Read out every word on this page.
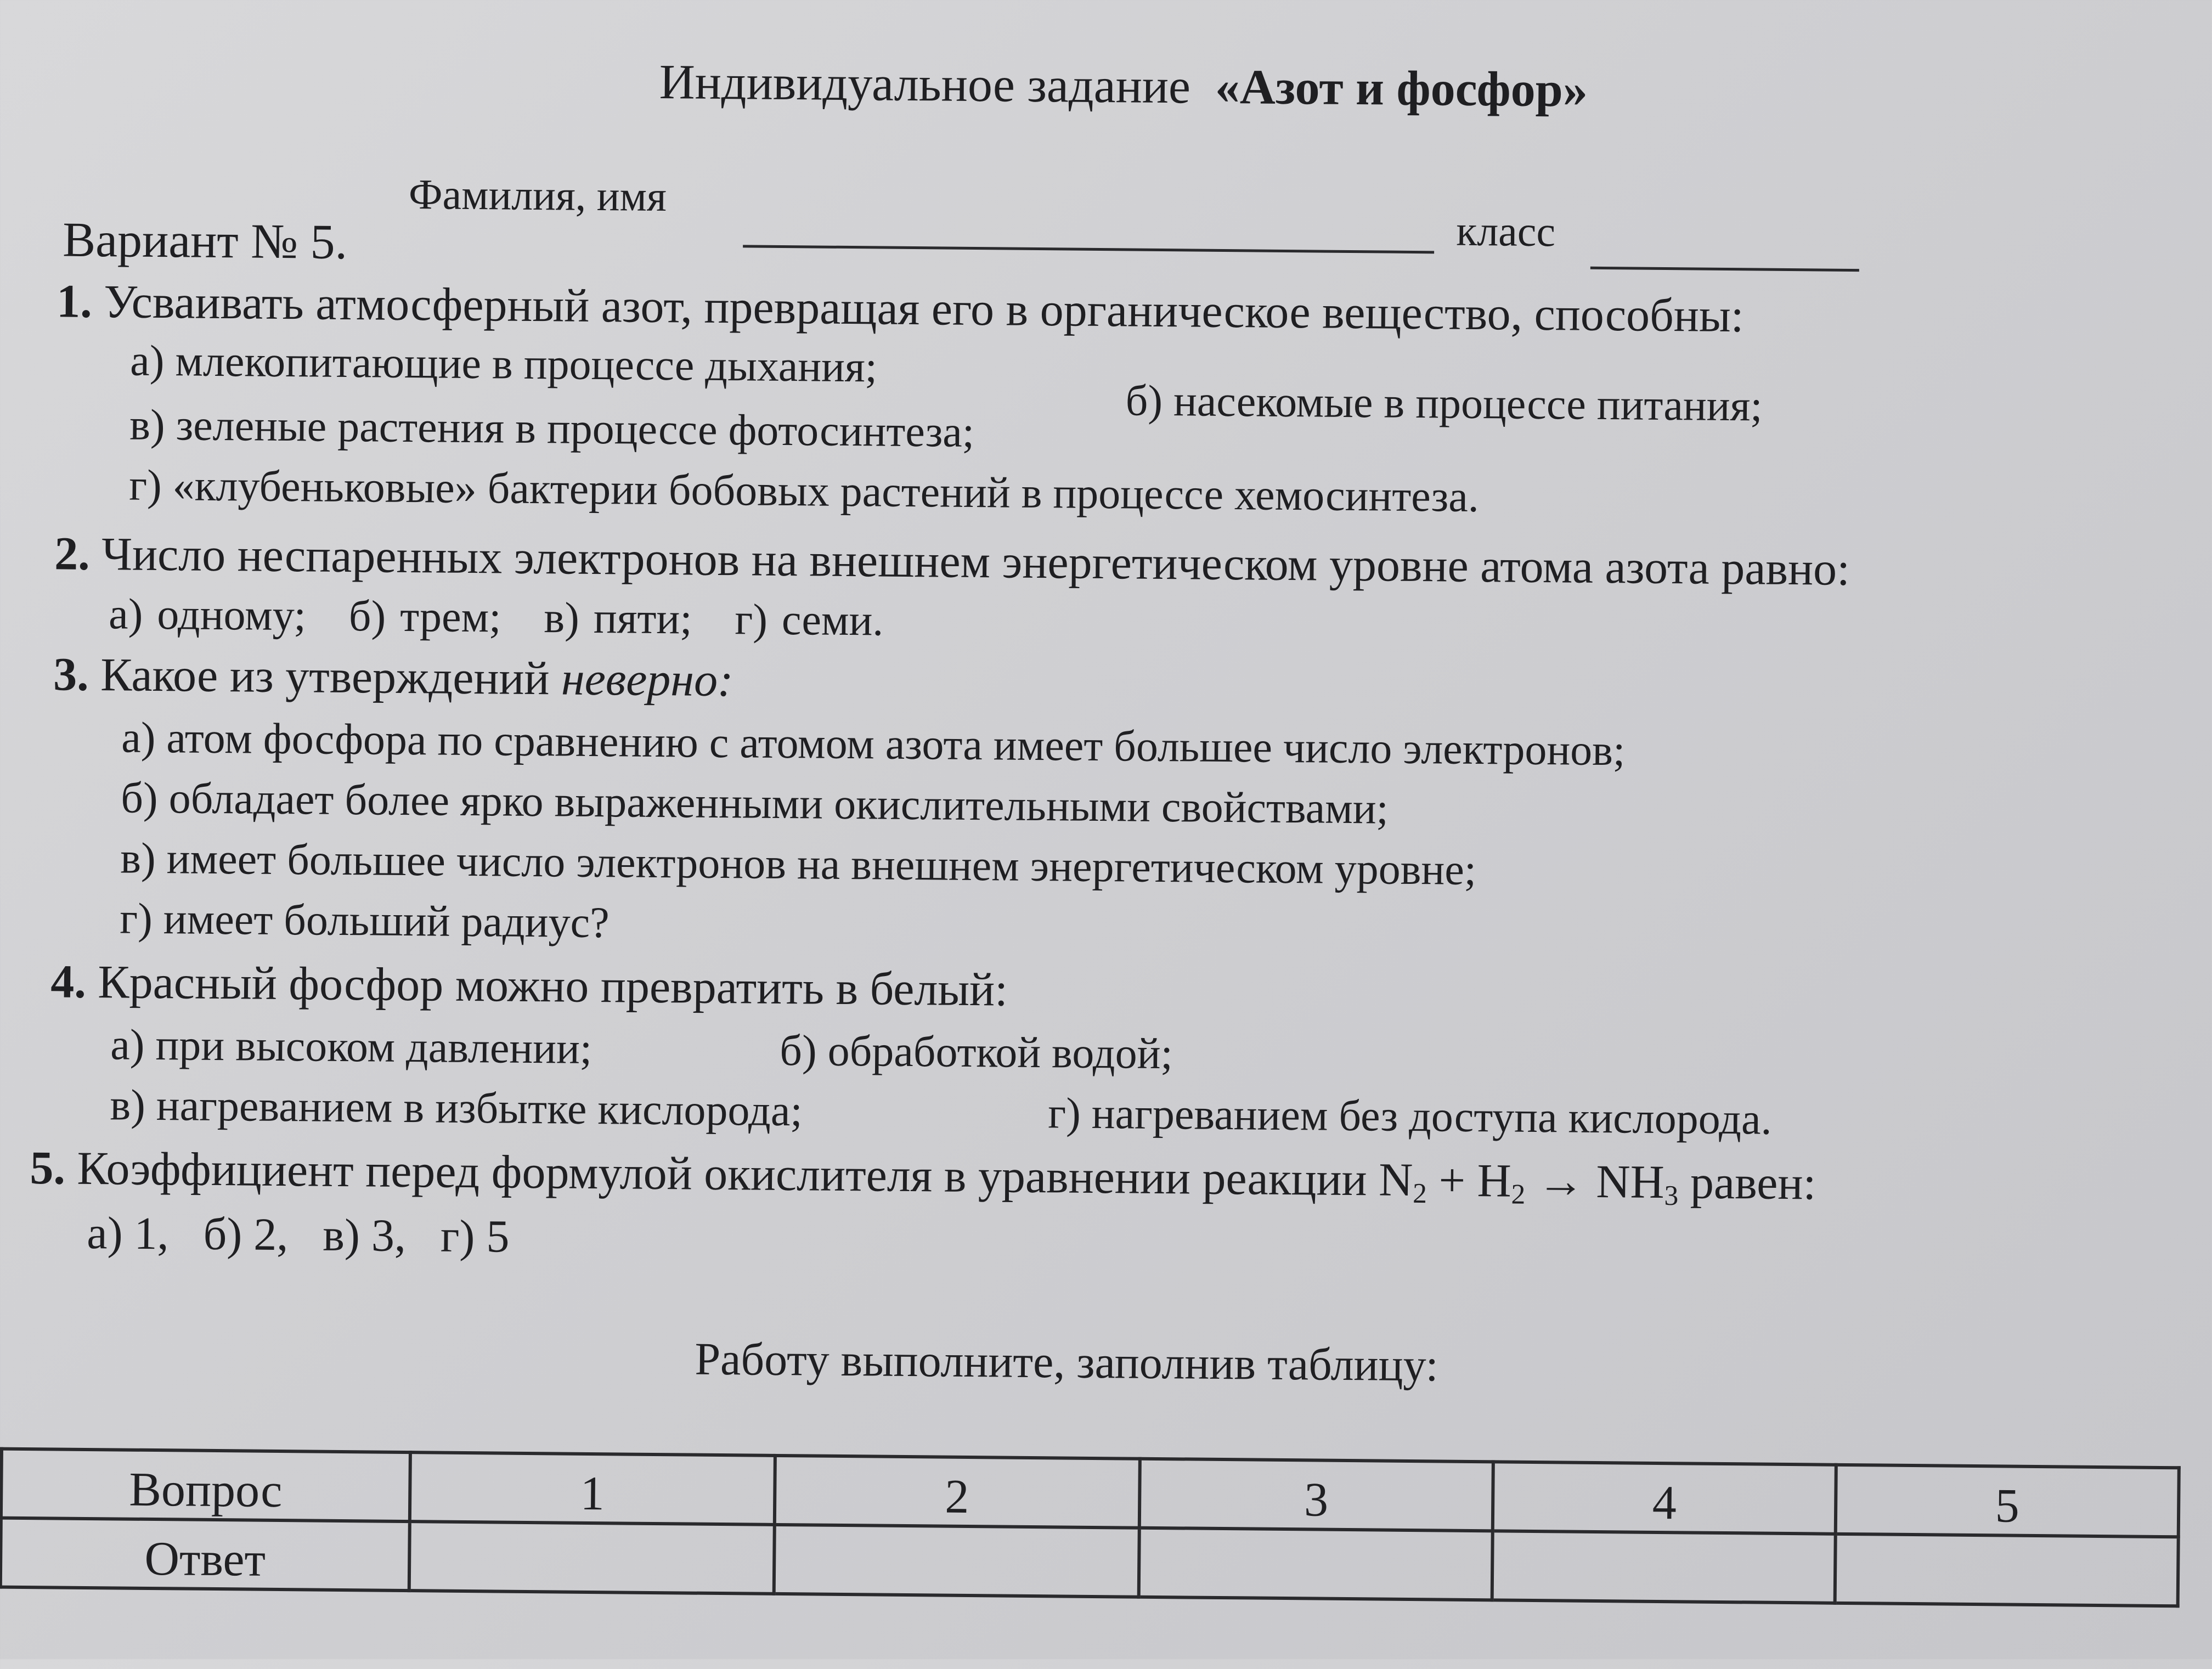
Индивидуальное задание «Азот и фосфор»
Фамилия, имя
класс
Вариант № 5.
1. Усваивать атмосферный азот, превращая его в органическое вещество, способны:
а) млекопитающие в процессе дыхания;
б) насекомые в процессе питания;
в) зеленые растения в процессе фотосинтеза;
г) «клубеньковые» бактерии бобовых растений в процессе хемосинтеза.
2. Число неспаренных электронов на внешнем энергетическом уровне атома азота равно:
а) одному; б) трем; в) пяти; г) семи.
3. Какое из утверждений неверно:
а) атом фосфора по сравнению с атомом азота имеет большее число электронов;
б) обладает более ярко выраженными окислительными свойствами;
в) имеет большее число электронов на внешнем энергетическом уровне;
г) имеет больший радиус?
4. Красный фосфор можно превратить в белый:
а) при высоком давлении;	б) обработкой водой;
в) нагреванием в избытке кислорода;	г) нагреванием без доступа кислорода.
5. Коэффициент перед формулой окислителя в уравнении реакции $N_2 + H_2 \to NH_3$ равен:
а) 1, б) 2, в) 3, г) 5
Работу выполните, заполнив таблицу:
Вопрос	1	2	3	4	5
Ответ					
